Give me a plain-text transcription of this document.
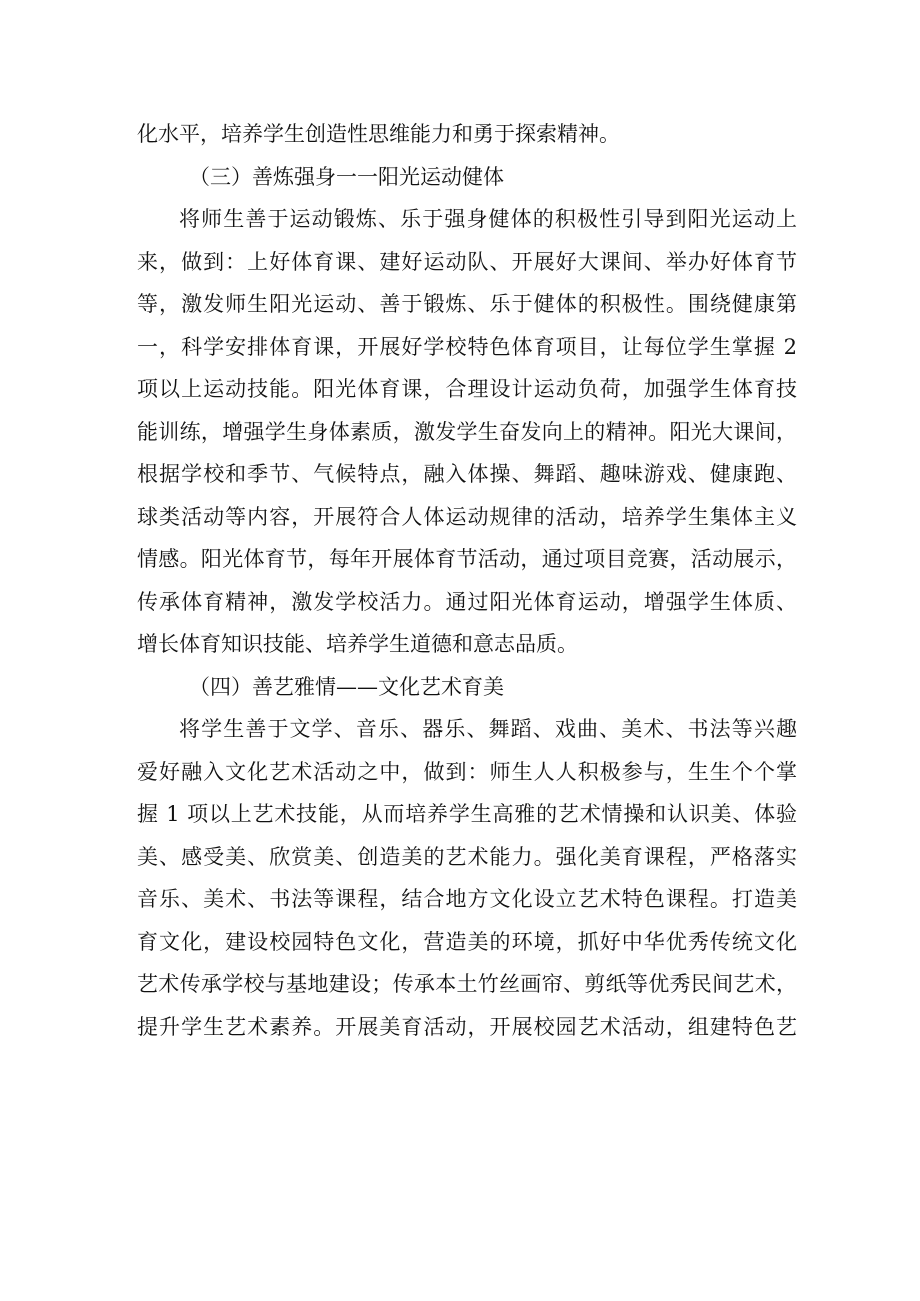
化水平，培养学生创造性思维能力和勇于探索精神。
（三）善炼强身一一阳光运动健体
将师生善于运动锻炼、乐于强身健体的积极性引导到阳光运动上
来，做到：上好体育课、建好运动队、开展好大课间、举办好体育节
等，激发师生阳光运动、善于锻炼、乐于健体的积极性。围绕健康第
一，科学安排体育课，开展好学校特色体育项目，让每位学生掌握 2
项以上运动技能。阳光体育课，合理设计运动负荷，加强学生体育技
能训练，增强学生身体素质，激发学生奋发向上的精神。阳光大课间，
根据学校和季节、气候特点，融入体操、舞蹈、趣味游戏、健康跑、
球类活动等内容，开展符合人体运动规律的活动，培养学生集体主义
情感。阳光体育节，每年开展体育节活动，通过项目竞赛，活动展示，
传承体育精神，激发学校活力。通过阳光体育运动，增强学生体质、
增长体育知识技能、培养学生道德和意志品质。
（四）善艺雅情——文化艺术育美
将学生善于文学、音乐、器乐、舞蹈、戏曲、美术、书法等兴趣
爱好融入文化艺术活动之中，做到：师生人人积极参与，生生个个掌
握 1 项以上艺术技能，从而培养学生高雅的艺术情操和认识美、体验
美、感受美、欣赏美、创造美的艺术能力。强化美育课程，严格落实
音乐、美术、书法等课程，结合地方文化设立艺术特色课程。打造美
育文化，建设校园特色文化，营造美的环境，抓好中华优秀传统文化
艺术传承学校与基地建设；传承本土竹丝画帘、剪纸等优秀民间艺术，
提升学生艺术素养。开展美育活动，开展校园艺术活动，组建特色艺
